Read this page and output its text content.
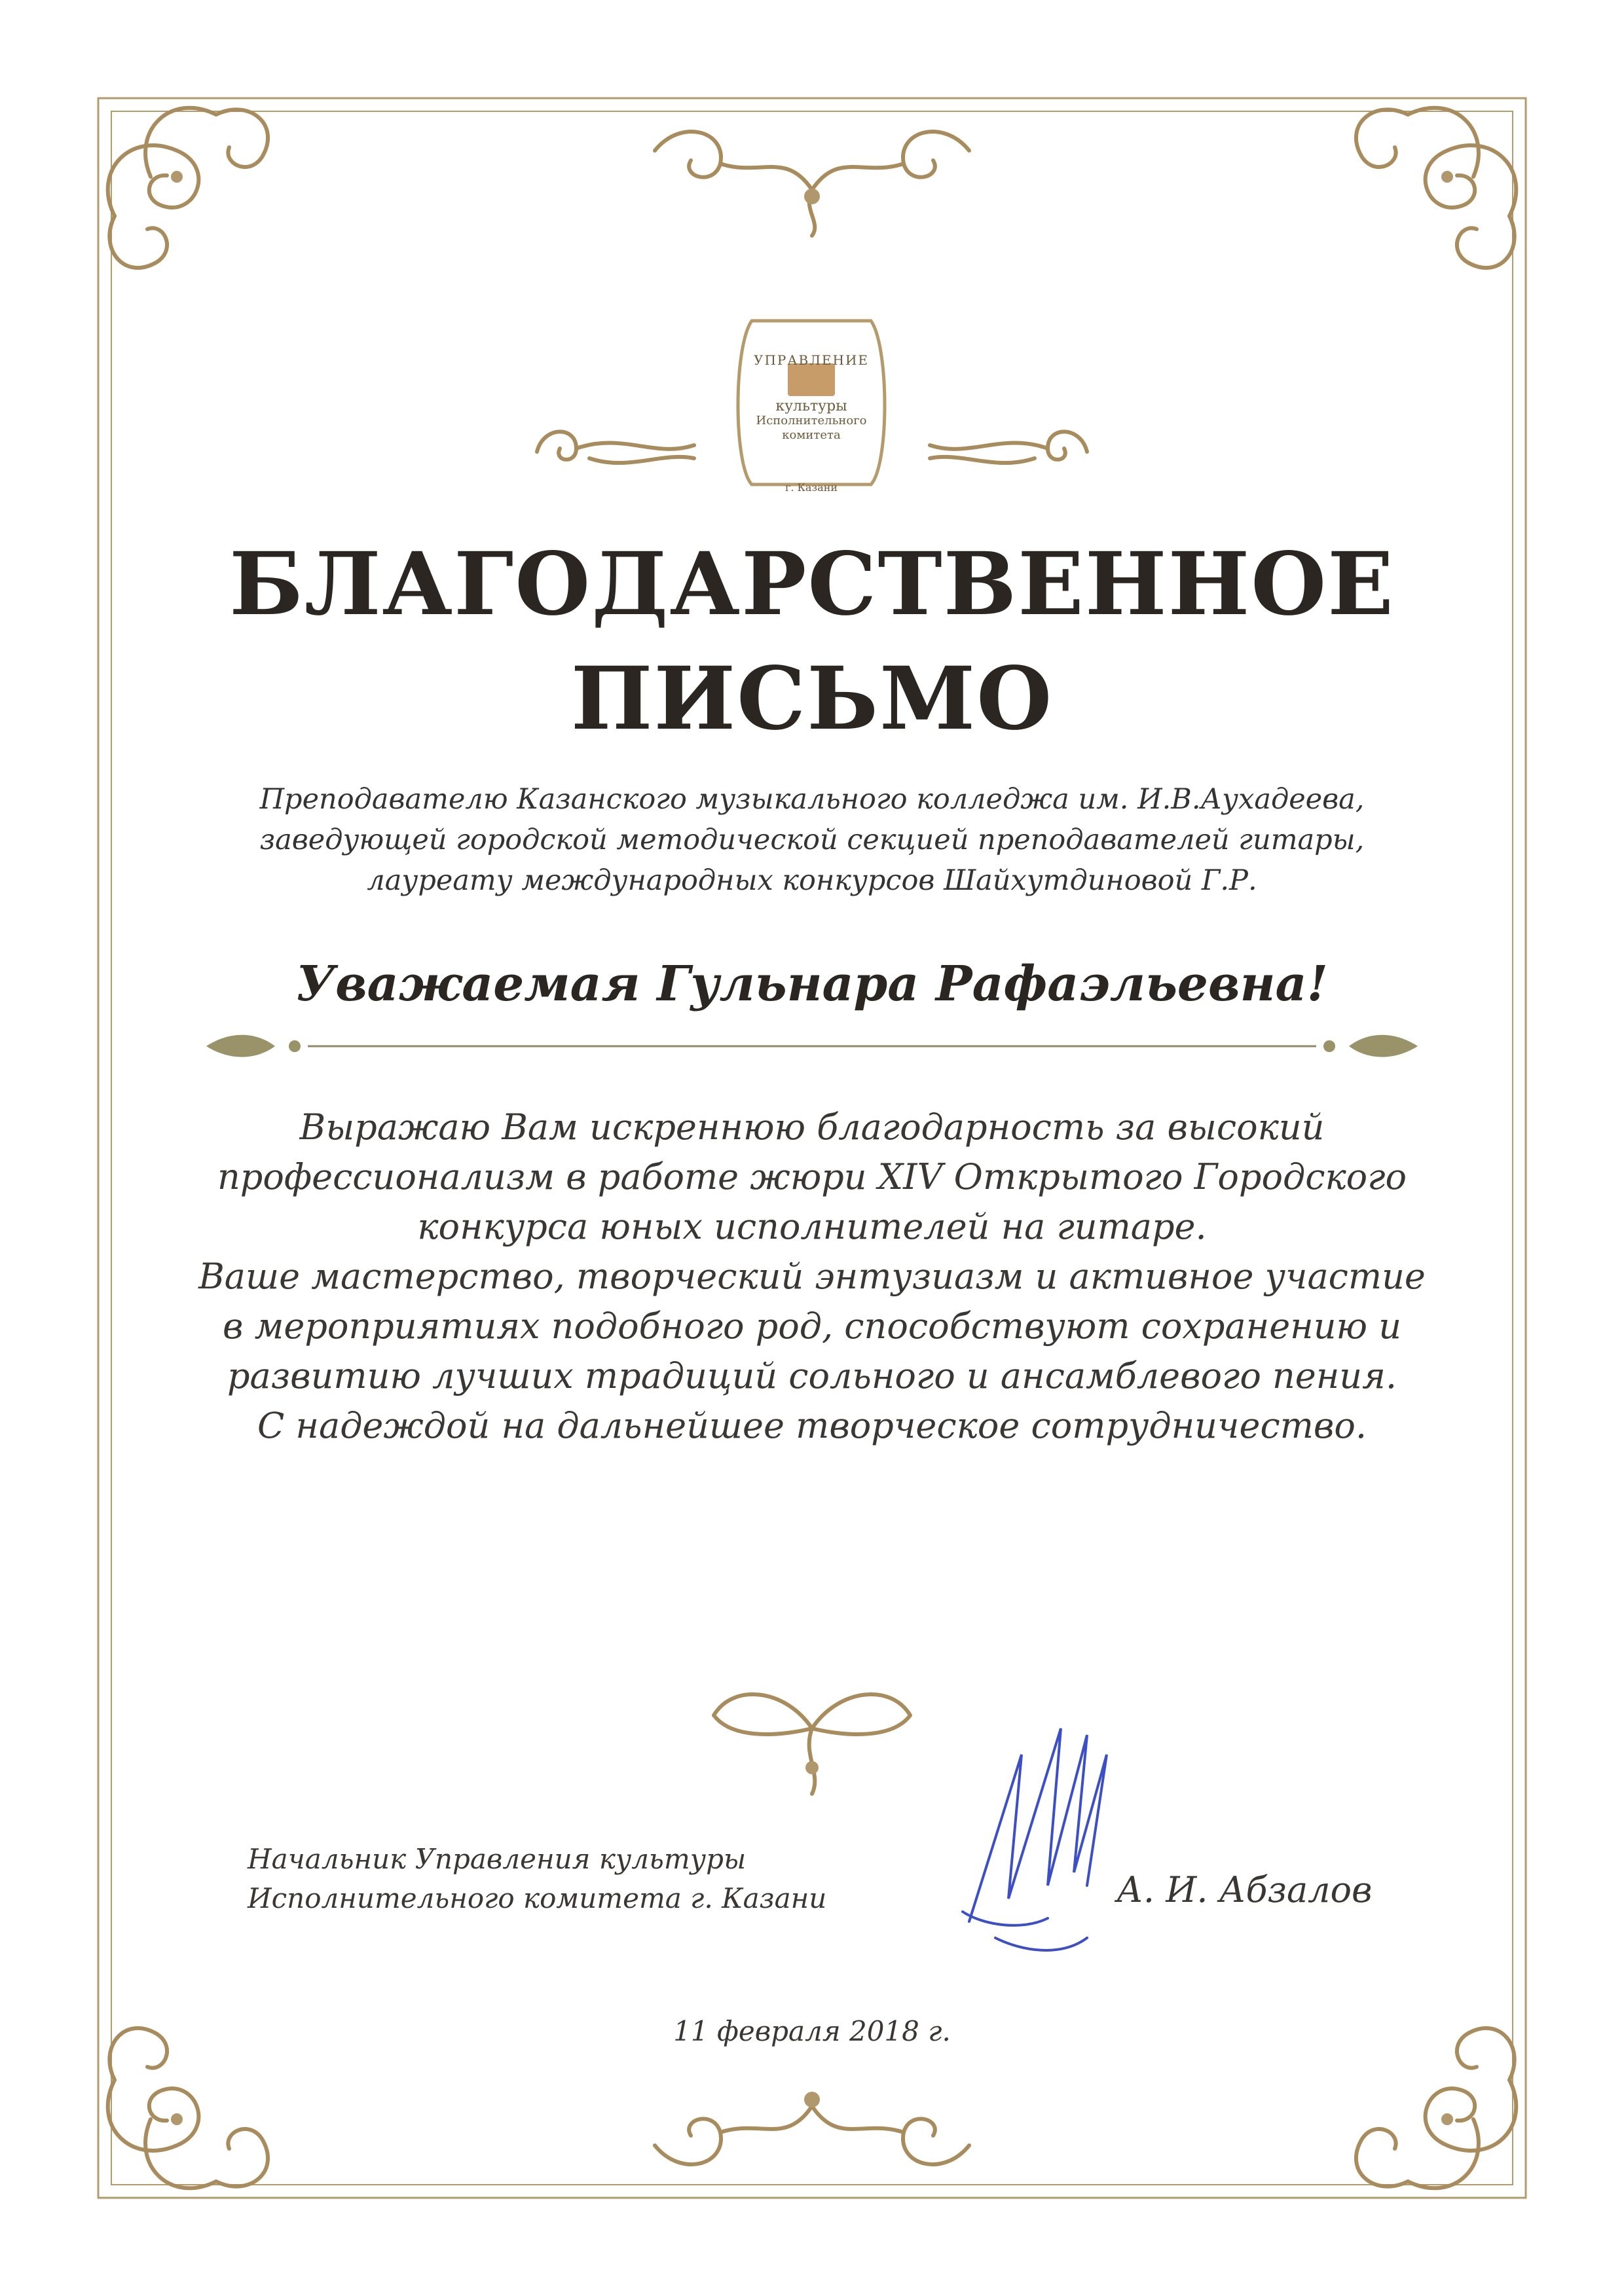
УПРАВЛЕНИЕ
культуры
Исполнительного
комитета
г. Казани
БЛАГОДАРСТВЕННОЕ
ПИСЬМО
Преподавателю Казанского музыкального колледжа им. И.В.Аухадеева,
заведующей городской методической секцией преподавателей гитары,
лауреату международных конкурсов Шайхутдиновой Г.Р.
Уважаемая Гульнара Рафаэльевна!
Выражаю Вам искреннюю благодарность за высокий
профессионализм в работе жюри XIV Открытого Городского
конкурса юных исполнителей на гитаре.
Ваше мастерство, творческий энтузиазм и активное участие
в мероприятиях подобного род, способствуют сохранению и
развитию лучших традиций сольного и ансамблевого пения.
С надеждой на дальнейшее творческое сотрудничество.
Начальник Управления культуры
Исполнительного комитета г. Казани	А. И. Абзалов
11 февраля 2018 г.
